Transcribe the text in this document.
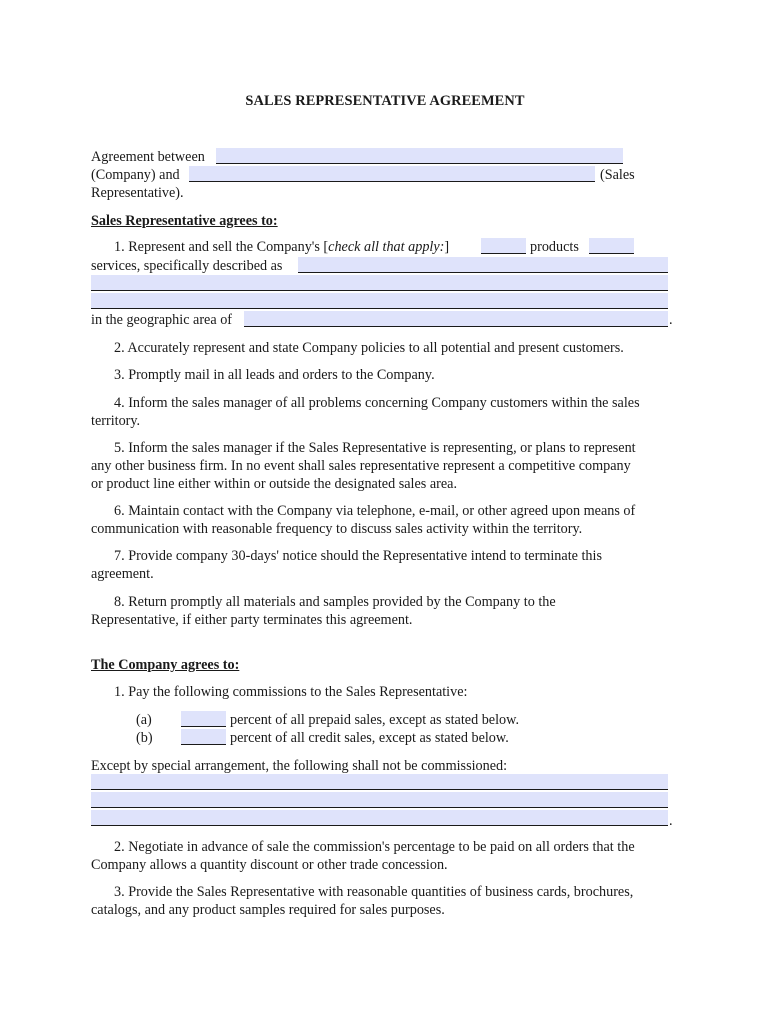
SALES REPRESENTATIVE AGREEMENT
Agreement between
(Company) and	(Sales
Representative).
Sales Representative agrees to:
1. Represent and sell the Company's [check all that apply:]	products
services, specifically described as
in the geographic area of	.
2. Accurately represent and state Company policies to all potential and present customers.
3. Promptly mail in all leads and orders to the Company.
4. Inform the sales manager of all problems concerning Company customers within the sales
territory.
5. Inform the sales manager if the Sales Representative is representing, or plans to represent
any other business firm. In no event shall sales representative represent a competitive company
or product line either within or outside the designated sales area.
6. Maintain contact with the Company via telephone, e-mail, or other agreed upon means of
communication with reasonable frequency to discuss sales activity within the territory.
7. Provide company 30-days' notice should the Representative intend to terminate this
agreement.
8. Return promptly all materials and samples provided by the Company to the
Representative, if either party terminates this agreement.
The Company agrees to:
1. Pay the following commissions to the Sales Representative:
(a)	percent of all prepaid sales, except as stated below.
(b)	percent of all credit sales, except as stated below.
Except by special arrangement, the following shall not be commissioned:
.
2. Negotiate in advance of sale the commission's percentage to be paid on all orders that the
Company allows a quantity discount or other trade concession.
3. Provide the Sales Representative with reasonable quantities of business cards, brochures,
catalogs, and any product samples required for sales purposes.
